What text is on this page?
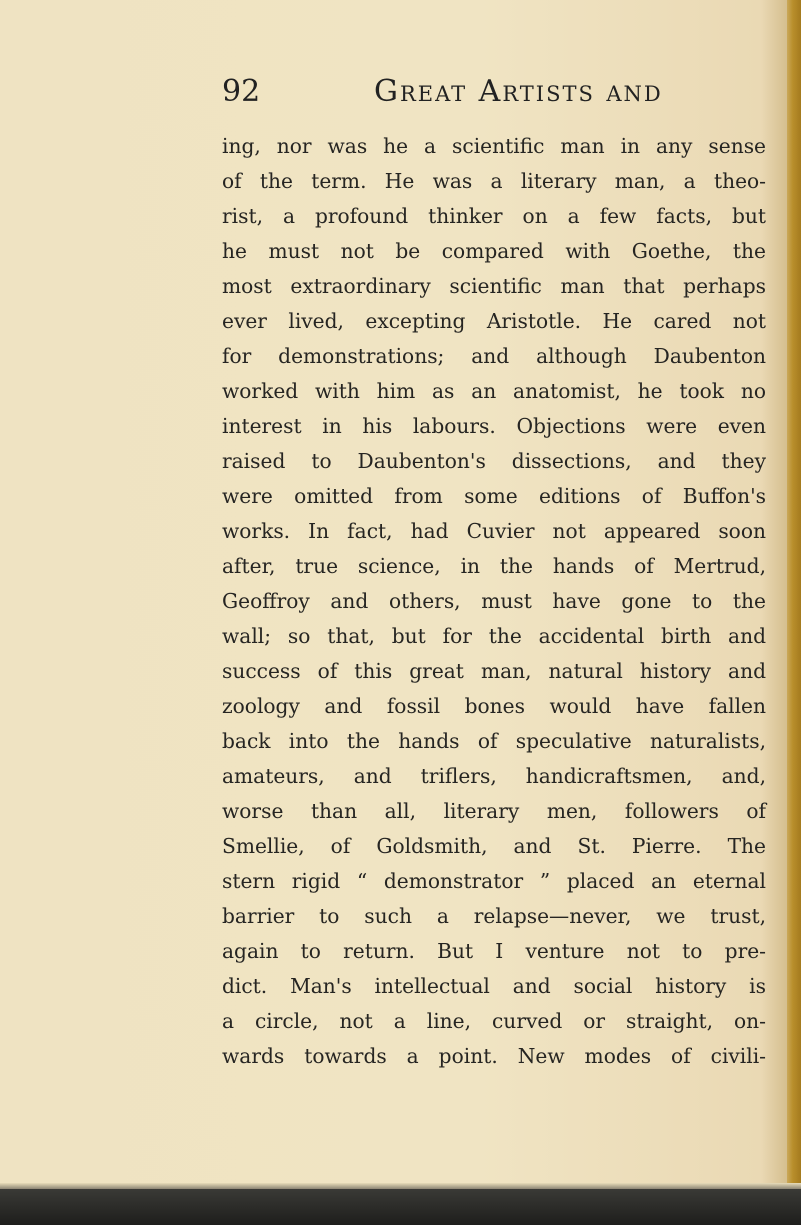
92	Great Artists and
ing, nor was he a scientific man in any sense
of the term. He was a literary man, a theo-
rist, a profound thinker on a few facts, but
he must not be compared with Goethe, the
most extraordinary scientific man that perhaps
ever lived, excepting Aristotle. He cared not
for demonstrations; and although Daubenton
worked with him as an anatomist, he took no
interest in his labours. Objections were even
raised to Daubenton's dissections, and they
were omitted from some editions of Buffon's
works. In fact, had Cuvier not appeared soon
after, true science, in the hands of Mertrud,
Geoffroy and others, must have gone to the
wall; so that, but for the accidental birth and
success of this great man, natural history and
zoology and fossil bones would have fallen
back into the hands of speculative naturalists,
amateurs, and triflers, handicraftsmen, and,
worse than all, literary men, followers of
Smellie, of Goldsmith, and St. Pierre. The
stern rigid “ demonstrator ” placed an eternal
barrier to such a relapse—never, we trust,
again to return. But I venture not to pre-
dict. Man's intellectual and social history is
a circle, not a line, curved or straight, on-
wards towards a point. New modes of civili-
